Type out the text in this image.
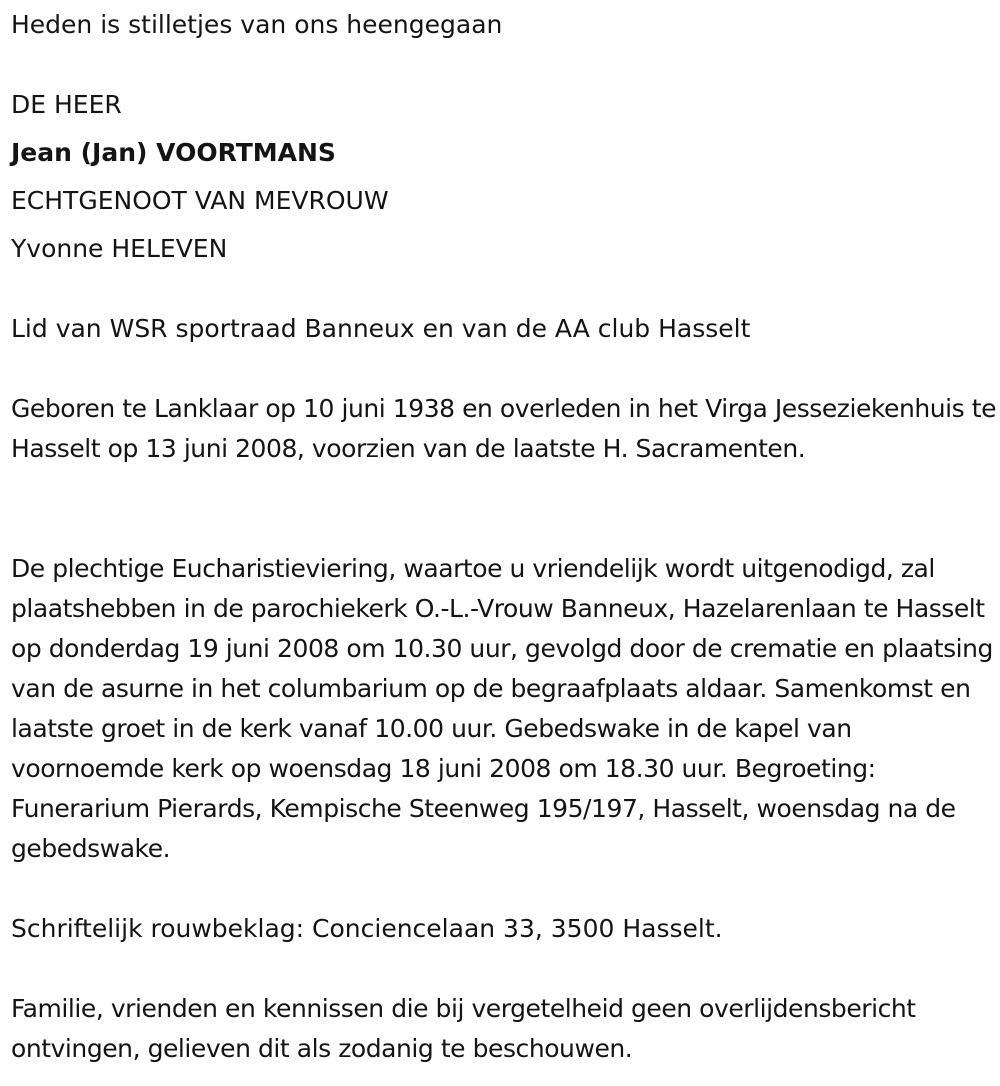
Heden is stilletjes van ons heengegaan

DE HEER

Jean (Jan) VOORTMANS

ECHTGENOOT VAN MEVROUW

Yvonne HELEVEN

Lid van WSR sportraad Banneux en van de AA club Hasselt

Geboren te Lanklaar op 10 juni 1938 en overleden in het Virga Jesseziekenhuis te Hasselt op 13 juni 2008, voorzien van de laatste H. Sacramenten.

De plechtige Eucharistieviering, waartoe u vriendelijk wordt uitgenodigd, zal plaatshebben in de parochiekerk O.-L.-Vrouw Banneux, Hazelarenlaan te Hasselt op donderdag 19 juni 2008 om 10.30 uur, gevolgd door de crematie en plaatsing van de asurne in het columbarium op de begraafplaats aldaar. Samenkomst en laatste groet in de kerk vanaf 10.00 uur. Gebedswake in de kapel van voornoemde kerk op woensdag 18 juni 2008 om 18.30 uur. Begroeting: Funerarium Pierards, Kempische Steenweg 195/197, Hasselt, woensdag na de gebedswake.

Schriftelijk rouwbeklag: Conciencelaan 33, 3500 Hasselt.

Familie, vrienden en kennissen die bij vergetelheid geen overlijdensbericht ontvingen, gelieven dit als zodanig te beschouwen.
